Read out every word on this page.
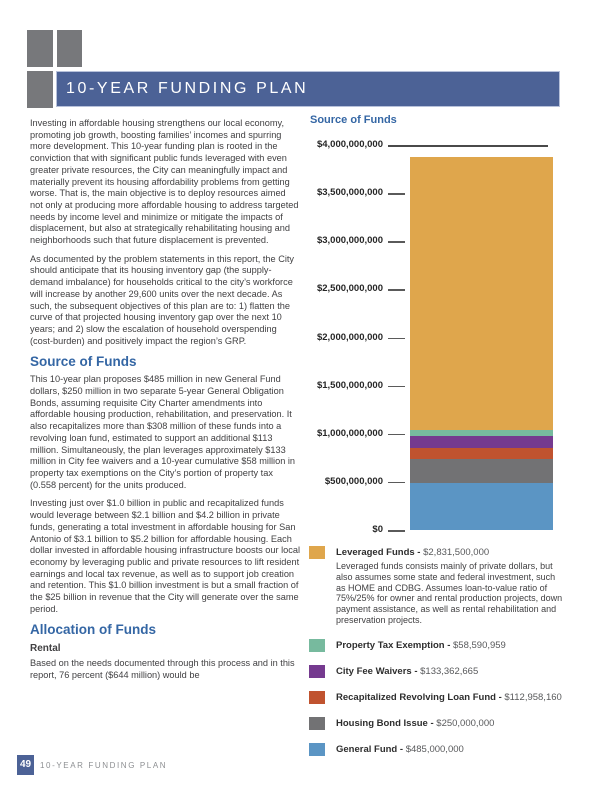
10-YEAR FUNDING PLAN

Investing in affordable housing strengthens our local economy, promoting job growth, boosting families’ incomes and spurring more development. This 10-year funding plan is rooted in the conviction that with significant public funds leveraged with even greater private resources, the City can meaningfully impact and materially prevent its housing affordability problems from getting worse. That is, the main objective is to deploy resources aimed not only at producing more affordable housing to address targeted needs by income level and minimize or mitigate the impacts of displacement, but also at strategically rehabilitating housing and neighborhoods such that future displacement is prevented.

As documented by the problem statements in this report, the City should anticipate that its housing inventory gap (the supply-demand imbalance) for households critical to the city’s workforce will increase by another 29,600 units over the next decade. As such, the subsequent objectives of this plan are to: 1) flatten the curve of that projected housing inventory gap over the next 10 years; and 2) slow the escalation of household overspending (cost-burden) and positively impact the region’s GRP.

Source of Funds

This 10-year plan proposes $485 million in new General Fund dollars, $250 million in two separate 5-year General Obligation Bonds, assuming requisite City Charter amendments into affordable housing production, rehabilitation, and preservation. It also recapitalizes more than $308 million of these funds into a revolving loan fund, estimated to support an additional $113 million. Simultaneously, the plan leverages approximately $133 million in City fee waivers and a 10-year cumulative $58 million in property tax exemptions on the City’s portion of property tax (0.558 percent) for the units produced.

Investing just over $1.0 billion in public and recapitalized funds would leverage between $2.1 billion and $4.2 billion in private funds, generating a total investment in affordable housing for San Antonio of $3.1 billion to $5.2 billion for affordable housing. Each dollar invested in affordable housing infrastructure boosts our local economy by leveraging public and private resources to lift resident earnings and local tax revenue, as well as to support job creation and retention. This $1.0 billion investment is but a small fraction of the $25 billion in revenue that the City will generate over the same period.

Allocation of Funds
Rental

Based on the needs documented through this process and in this report, 76 percent ($644 million) would be

Source of Funds
$4,000,000,000
$3,500,000,000
$3,000,000,000
$2,500,000,000
$2,000,000,000
$1,500,000,000
$1,000,000,000
$500,000,000
$0
Leveraged Funds - $2,831,500,000
Leveraged funds consists mainly of private dollars, but also assumes some state and federal investment, such as HOME and CDBG. Assumes loan-to-value ratio of 75%/25% for owner and rental production projects, down payment assistance, as well as rental rehabilitation and preservation projects.
Property Tax Exemption - $58,590,959
City Fee Waivers - $133,362,665
Recapitalized Revolving Loan Fund - $112,958,160
Housing Bond Issue - $250,000,000
General Fund - $485,000,000
49	10-YEAR FUNDING PLAN
